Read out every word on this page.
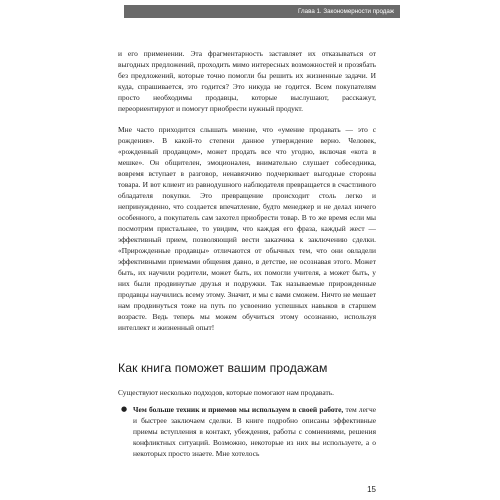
Глава 1. Закономерности продаж

и его применении. Эта фрагментарность заставляет их отказываться от выгодных предложений, проходить мимо интересных возможностей и прозябать без предложений, которые точно помогли бы решить их жизненные задачи. И куда, спрашивается, это годится? Это никуда не годится. Всем покупателям просто необходимы продавцы, которые выслушают, расскажут, переориентируют и помогут приобрести нужный продукт.

Мне часто приходится слышать мнение, что «умение продавать — это с рождения». В какой-то степени данное утверждение верно. Человек, «рожденный продавцом», может продать все что угодно, включая «кота в мешке». Он общителен, эмоционален, внимательно слушает собеседника, вовремя вступает в разговор, ненавязчиво подчеркивает выгодные стороны товара. И вот клиент из равнодушного наблюдателя превращается в счастливого обладателя покупки. Это превращение происходит столь легко и непринужденно, что создается впечатление, будто менеджер и не делал ничего особенного, а покупатель сам захотел приобрести товар. В то же время если мы посмотрим пристальнее, то увидим, что каждая его фраза, каждый жест — эффективный прием, позволяющий вести заказчика к заключению сделки. «Прирожденные продавцы» отличаются от обычных тем, что они овладели эффективными приемами общения давно, в детстве, не осознавая этого. Может быть, их научили родители, может быть, их помогли учителя, а может быть, у них были продвинутые друзья и подружки. Так называемые прирожденные продавцы научились всему этому. Значит, и мы с вами сможем. Ничто не мешает нам продвинуться тоже на путь по усвоению успешных навыков в старшем возрасте. Ведь теперь мы можем обучиться этому осознанно, используя интеллект и жизненный опыт!

Как книга поможет вашим продажам

Существуют несколько подходов, которые помогают нам продавать.

● Чем больше техник и приемов мы используем в своей работе, тем легче и быстрее заключаем сделки. В книге подробно описаны эффективные приемы вступления в контакт, убеждения, работы с сомнениями, решения конфликтных ситуаций. Возможно, некоторые из них вы используете, а о некоторых просто знаете. Мне хотелось
15
